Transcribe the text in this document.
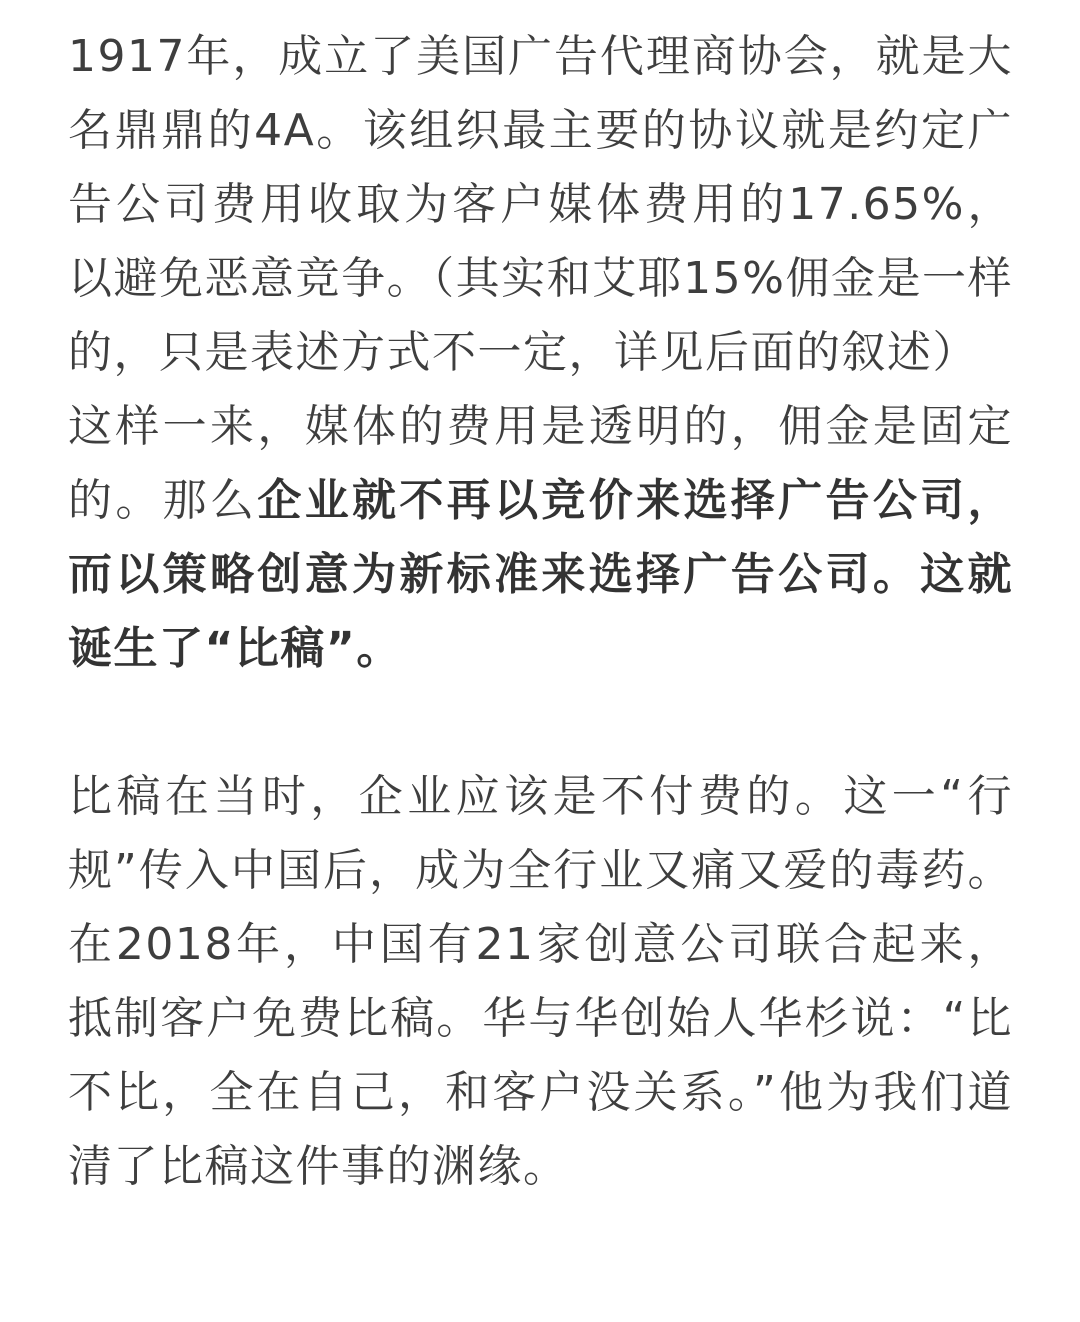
1917年，成立了美国广告代理商协会，就是大名鼎鼎的4A。该组织最主要的协议就是约定广告公司费用收取为客户媒体费用的17.65%，以避免恶意竞争。（其实和艾耶15%佣金是一样的，只是表述方式不一定，详见后面的叙述）

这样一来，媒体的费用是透明的，佣金是固定的。那么企业就不再以竞价来选择广告公司，而以策略创意为新标准来选择广告公司。这就诞生了“比稿”。

比稿在当时，企业应该是不付费的。这一“行规”传入中国后，成为全行业又痛又爱的毒药。在2018年，中国有21家创意公司联合起来，抵制客户免费比稿。华与华创始人华杉说：“比不比，全在自己，和客户没关系。”他为我们道清了比稿这件事的渊缘。
